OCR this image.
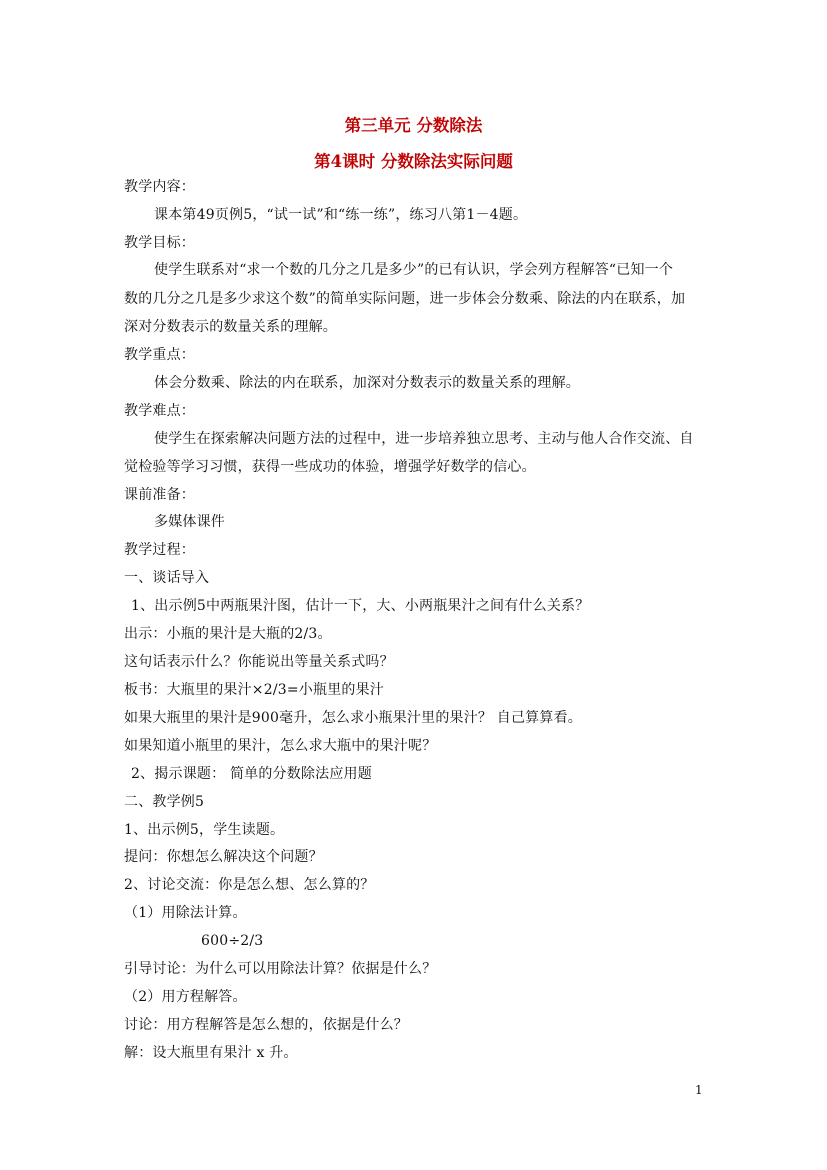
第三单元 分数除法
第4课时 分数除法实际问题
教学内容：
课本第49页例5，“试一试”和“练一练”，练习八第1－4题。
教学目标：
使学生联系对“求一个数的几分之几是多少”的已有认识，学会列方程解答“已知一个
数的几分之几是多少求这个数”的简单实际问题，进一步体会分数乘、除法的内在联系，加
深对分数表示的数量关系的理解。
教学重点：
体会分数乘、除法的内在联系，加深对分数表示的数量关系的理解。
教学难点：
使学生在探索解决问题方法的过程中，进一步培养独立思考、主动与他人合作交流、自
觉检验等学习习惯，获得一些成功的体验，增强学好数学的信心。
课前准备：
多媒体课件
教学过程：
一、谈话导入
1、出示例5中两瓶果汁图，估计一下，大、小两瓶果汁之间有什么关系？
出示：小瓶的果汁是大瓶的2/3。
这句话表示什么？你能说出等量关系式吗？
板书：大瓶里的果汁×2/3=小瓶里的果汁
如果大瓶里的果汁是900毫升，怎么求小瓶果汁里的果汁？ 自己算算看。
如果知道小瓶里的果汁，怎么求大瓶中的果汁呢？
2、揭示课题： 简单的分数除法应用题
二、教学例5
1、出示例5，学生读题。
提问：你想怎么解决这个问题？
2、讨论交流：你是怎么想、怎么算的？
（1）用除法计算。
600÷2/3
引导讨论：为什么可以用除法计算？依据是什么？
（2）用方程解答。
讨论：用方程解答是怎么想的，依据是什么？
解：设大瓶里有果汁 x 升。
1
